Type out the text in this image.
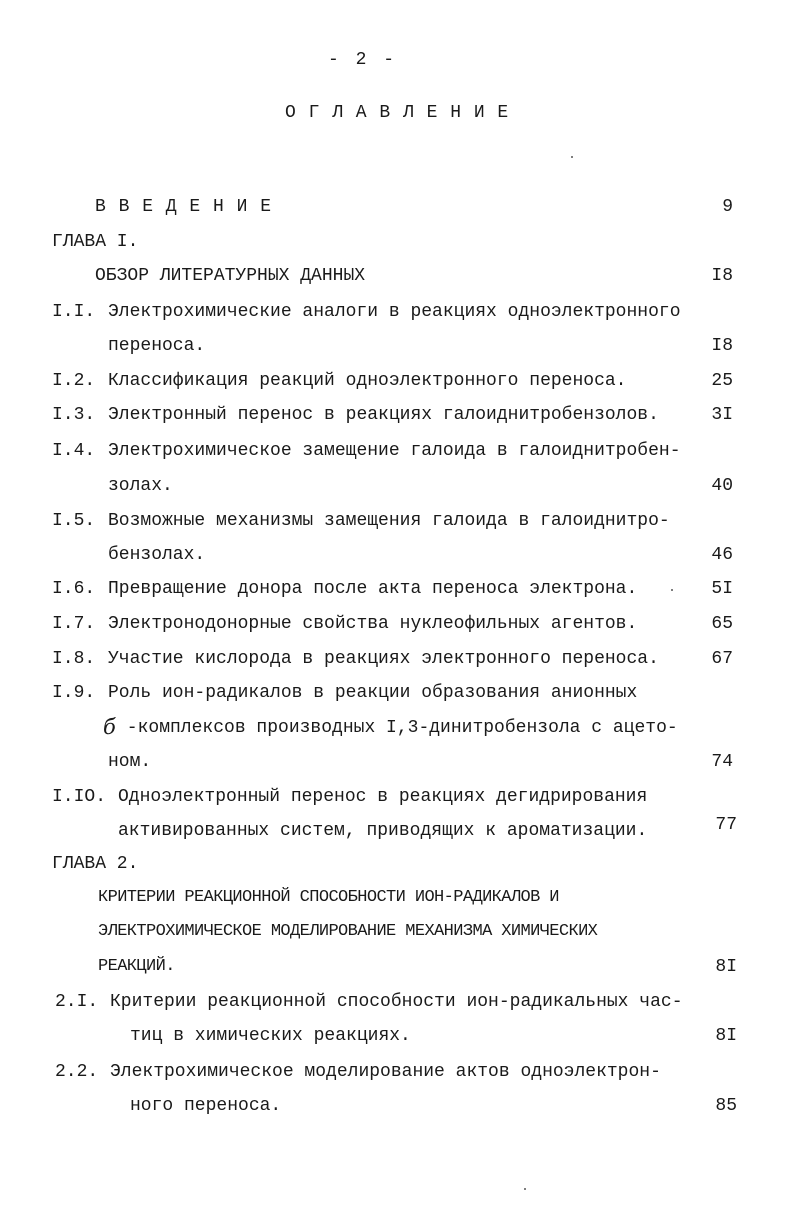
- 2 -
О Г Л А В Л Е Н И Е
В В Е Д Е Н И Е	9
ГЛАВА I.
ОБЗОР ЛИТЕРАТУРНЫХ ДАННЫХ	I8
I.I. Электрохимические аналоги в реакциях одноэлектронного
переноса.	I8
I.2. Классификация реакций одноэлектронного переноса.	25
I.3. Электронный перенос в реакциях галоиднитробензолов.	3I
I.4. Электрохимическое замещение галоида в галоиднитробен-
золах.	40
I.5. Возможные механизмы замещения галоида в галоиднитро-
бензолах.	46
I.6. Превращение донора после акта переноса электрона.	5I
I.7. Электронодонорные свойства нуклеофильных агентов.	65
I.8. Участие кислорода в реакциях электронного переноса.	67
I.9. Роль ион-радикалов в реакции образования анионных
б -комплексов производных I,3-динитробензола с ацето-
ном.	74
I.IO. Одноэлектронный перенос в реакциях дегидрирования
активированных систем, приводящих к ароматизации.	77
ГЛАВА 2.
КРИТЕРИИ РЕАКЦИОННОЙ СПОСОБНОСТИ ИОН-РАДИКАЛОВ И
ЭЛЕКТРОХИМИЧЕСКОЕ МОДЕЛИРОВАНИЕ МЕХАНИЗМА ХИМИЧЕСКИХ
РЕАКЦИЙ.	8I
2.I. Критерии реакционной способности ион-радикальных час-
тиц в химических реакциях.	8I
2.2. Электрохимическое моделирование актов одноэлектрон-
ного переноса.	85
